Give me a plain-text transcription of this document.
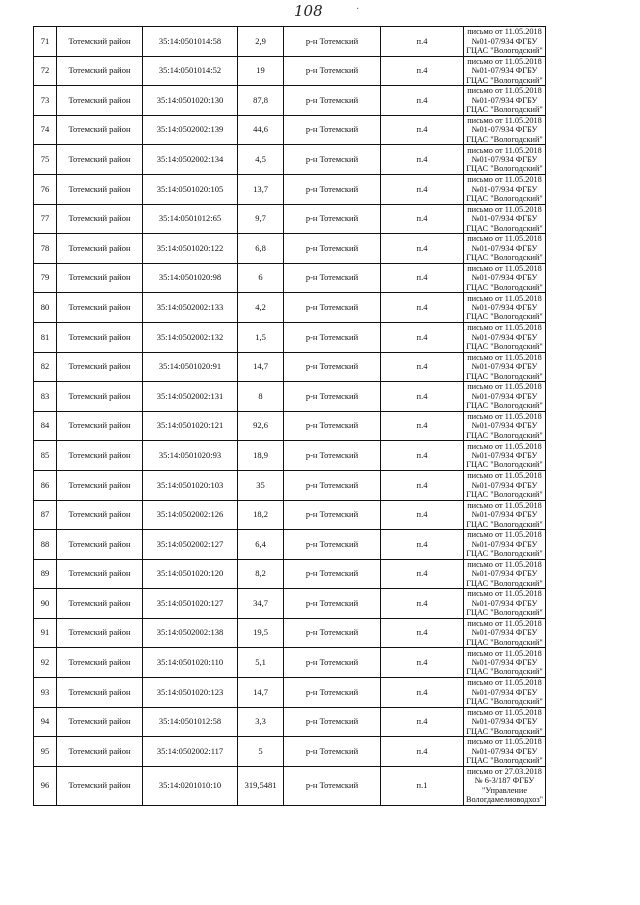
108	·
71	Тотемский район	35:14:0501014:58	2,9	р-н Тотемский	п.4	письмо от 11.05.2018
№01-07/934 ФГБУ
ГЦАС "Вологодский"

72	Тотемский район	35:14:0501014:52	19	р-н Тотемский	п.4	письмо от 11.05.2018
№01-07/934 ФГБУ
ГЦАС "Вологодский"

73	Тотемский район	35:14:0501020:130	87,8	р-н Тотемский	п.4	письмо от 11.05.2018
№01-07/934 ФГБУ
ГЦАС "Вологодский"

74	Тотемский район	35:14:0502002:139	44,6	р-н Тотемский	п.4	письмо от 11.05.2018
№01-07/934 ФГБУ
ГЦАС "Вологодский"

75	Тотемский район	35:14:0502002:134	4,5	р-н Тотемский	п.4	письмо от 11.05.2018
№01-07/934 ФГБУ
ГЦАС "Вологодский"

76	Тотемский район	35:14:0501020:105	13,7	р-н Тотемский	п.4	письмо от 11.05.2018
№01-07/934 ФГБУ
ГЦАС "Вологодский"

77	Тотемский район	35:14:0501012:65	9,7	р-н Тотемский	п.4	письмо от 11.05.2018
№01-07/934 ФГБУ
ГЦАС "Вологодский"

78	Тотемский район	35:14:0501020:122	6,8	р-н Тотемский	п.4	письмо от 11.05.2018
№01-07/934 ФГБУ
ГЦАС "Вологодский"

79	Тотемский район	35:14:0501020:98	6	р-н Тотемский	п.4	письмо от 11.05.2018
№01-07/934 ФГБУ
ГЦАС "Вологодский"

80	Тотемский район	35:14:0502002:133	4,2	р-н Тотемский	п.4	письмо от 11.05.2018
№01-07/934 ФГБУ
ГЦАС "Вологодский"

81	Тотемский район	35:14:0502002:132	1,5	р-н Тотемский	п.4	письмо от 11.05.2018
№01-07/934 ФГБУ
ГЦАС "Вологодский"

82	Тотемский район	35:14:0501020:91	14,7	р-н Тотемский	п.4	письмо от 11.05.2018
№01-07/934 ФГБУ
ГЦАС "Вологодский"

83	Тотемский район	35:14:0502002:131	8	р-н Тотемский	п.4	письмо от 11.05.2018
№01-07/934 ФГБУ
ГЦАС "Вологодский"

84	Тотемский район	35:14:0501020:121	92,6	р-н Тотемский	п.4	письмо от 11.05.2018
№01-07/934 ФГБУ
ГЦАС "Вологодский"

85	Тотемский район	35:14:0501020:93	18,9	р-н Тотемский	п.4	письмо от 11.05.2018
№01-07/934 ФГБУ
ГЦАС "Вологодский"

86	Тотемский район	35:14:0501020:103	35	р-н Тотемский	п.4	письмо от 11.05.2018
№01-07/934 ФГБУ
ГЦАС "Вологодский"

87	Тотемский район	35:14:0502002:126	18,2	р-н Тотемский	п.4	письмо от 11.05.2018
№01-07/934 ФГБУ
ГЦАС "Вологодский"

88	Тотемский район	35:14:0502002:127	6,4	р-н Тотемский	п.4	письмо от 11.05.2018
№01-07/934 ФГБУ
ГЦАС "Вологодский"

89	Тотемский район	35:14:0501020:120	8,2	р-н Тотемский	п.4	письмо от 11.05.2018
№01-07/934 ФГБУ
ГЦАС "Вологодский"

90	Тотемский район	35:14:0501020:127	34,7	р-н Тотемский	п.4	письмо от 11.05.2018
№01-07/934 ФГБУ
ГЦАС "Вологодский"

91	Тотемский район	35:14:0502002:138	19,5	р-н Тотемский	п.4	письмо от 11.05.2018
№01-07/934 ФГБУ
ГЦАС "Вологодский"

92	Тотемский район	35:14:0501020:110	5,1	р-н Тотемский	п.4	письмо от 11.05.2018
№01-07/934 ФГБУ
ГЦАС "Вологодский"

93	Тотемский район	35:14:0501020:123	14,7	р-н Тотемский	п.4	письмо от 11.05.2018
№01-07/934 ФГБУ
ГЦАС "Вологодский"

94	Тотемский район	35:14:0501012:58	3,3	р-н Тотемский	п.4	письмо от 11.05.2018
№01-07/934 ФГБУ
ГЦАС "Вологодский"

95	Тотемский район	35:14:0502002:117	5	р-н Тотемский	п.4	письмо от 11.05.2018
№01-07/934 ФГБУ
ГЦАС "Вологодский"

96	Тотемский район	35:14:0201010:10	319,5481	р-н Тотемский	п.1	письмо от 27.03.2018
№ 6-3/187 ФГБУ
"Управление
Вологдамелиоводхоз"
